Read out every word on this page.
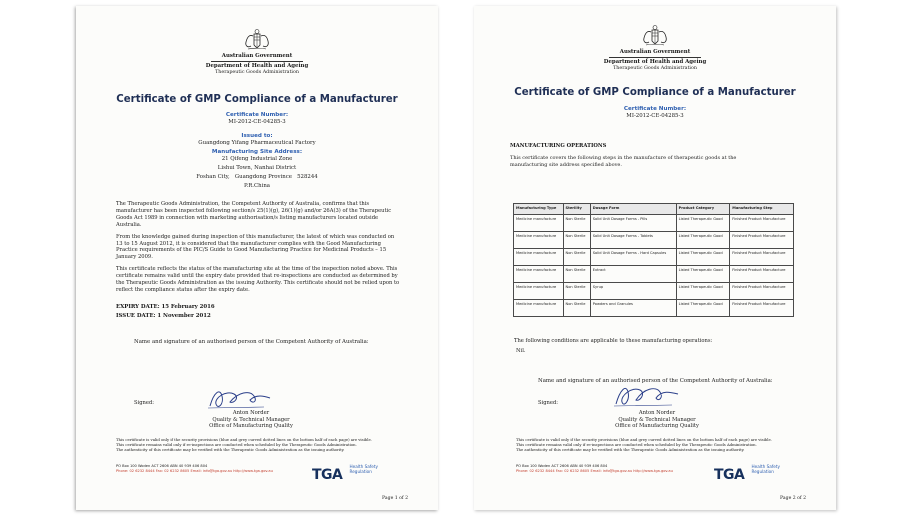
Australian Government
Department of Health and Ageing
Therapeutic Goods Administration
Certificate of GMP Compliance of a Manufacturer
Certificate Number:
MI-2012-CE-04285-3
Issued to:
Guangdong Yifang Pharmaceutical Factory
Manufacturing Site Address:
21 Qifeng Industrial Zone
Lishui Town, Nanhai District
Foshan City,   Guangdong Province   528244
P.R.China

The Therapeutic Goods Administration, the Competent Authority of Australia, confirms that this manufacturer has been inspected following section/s 25(1)(g), 26(1)(g) and/or 26A(3) of the Therapeutic Goods Act 1989 in connection with marketing authorisation/s listing manufacturers located outside Australia.

From the knowledge gained during inspection of this manufacturer, the latest of which was conducted on 13 to 15 August 2012, it is considered that the manufacturer complies with the Good Manufacturing Practice requirements of the PIC/S Guide to Good Manufacturing Practice for Medicinal Products – 15 January 2009.

This certificate reflects the status of the manufacturing site at the time of the inspection noted above. This certificate remains valid until the expiry date provided that re-inspections are conducted as determined by the Therapeutic Goods Administration as the issuing Authority. This certificate should not be relied upon to reflect the compliance status after the expiry date.

EXPIRY DATE: 15 February 2016
ISSUE DATE: 1 November 2012
Name and signature of an authorised person of the Competent Authority of Australia:
Signed:
Anton Norder
Quality & Technical Manager
Office of Manufacturing Quality
This certificate is valid only if the security provisions (blue and grey curved dotted lines on the bottom half of each page) are visible.
This certificate remains valid only if re-inspections are conducted when scheduled by the Therapeutic Goods Administration.
The authenticity of this certificate may be verified with the Therapeutic Goods Administration as the issuing authority.
PO Box 100 Woden ACT 2606 ABN 40 939 406 804
Phone: 02 6232 8444 Fax: 02 6232 8605 Email: info@tga.gov.au http://www.tga.gov.au	TGA Health Safety
Regulation
Page 1 of 2
Australian Government
Department of Health and Ageing
Therapeutic Goods Administration
Certificate of GMP Compliance of a Manufacturer
Certificate Number:
MI-2012-CE-04285-3
MANUFACTURING OPERATIONS
This certificate covers the following steps in the manufacture of therapeutic goods at the manufacturing site address specified above.
Manufacturing Type	Sterility	Dosage Form	Product Category	Manufacturing Step
Medicine manufacture	Non Sterile	Solid Unit Dosage Forms - Pills	Listed Therapeutic Good	Finished Product Manufacture
Medicine manufacture	Non Sterile	Solid Unit Dosage Forms - Tablets	Listed Therapeutic Good	Finished Product Manufacture
Medicine manufacture	Non Sterile	Solid Unit Dosage Forms - Hard Capsules	Listed Therapeutic Good	Finished Product Manufacture
Medicine manufacture	Non Sterile	Extract	Listed Therapeutic Good	Finished Product Manufacture
Medicine manufacture	Non Sterile	Syrup	Listed Therapeutic Good	Finished Product Manufacture
Medicine manufacture	Non Sterile	Powders and Granules	Listed Therapeutic Good	Finished Product Manufacture
The following conditions are applicable to these manufacturing operations:
Nil.
Name and signature of an authorised person of the Competent Authority of Australia:
Signed:
Anton Norder
Quality & Technical Manager
Office of Manufacturing Quality
This certificate is valid only if the security provisions (blue and grey curved dotted lines on the bottom half of each page) are visible.
This certificate remains valid only if re-inspections are conducted when scheduled by the Therapeutic Goods Administration.
The authenticity of this certificate may be verified with the Therapeutic Goods Administration as the issuing authority.
PO Box 100 Woden ACT 2606 ABN 40 939 406 804
Phone: 02 6232 8444 Fax: 02 6232 8605 Email: info@tga.gov.au http://www.tga.gov.au	TGA Health Safety
Regulation
Page 2 of 2
